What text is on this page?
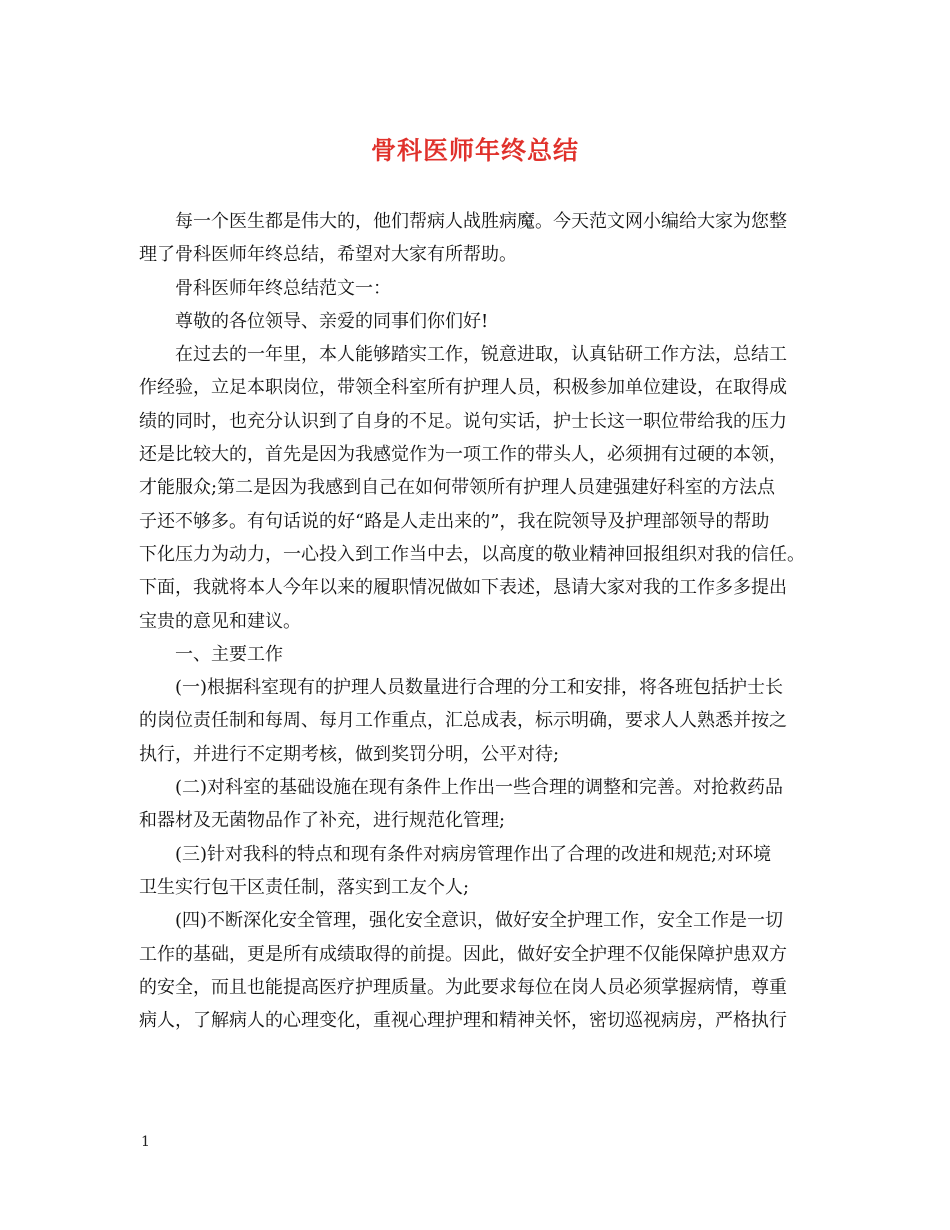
骨科医师年终总结
每一个医生都是伟大的，他们帮病人战胜病魔。今天范文网小编给大家为您整
理了骨科医师年终总结，希望对大家有所帮助。
骨科医师年终总结范文一：
尊敬的各位领导、亲爱的同事们你们好!
在过去的一年里，本人能够踏实工作，锐意进取，认真钻研工作方法，总结工
作经验，立足本职岗位，带领全科室所有护理人员，积极参加单位建设，在取得成
绩的同时，也充分认识到了自身的不足。说句实话，护士长这一职位带给我的压力
还是比较大的，首先是因为我感觉作为一项工作的带头人，必须拥有过硬的本领，
才能服众;第二是因为我感到自己在如何带领所有护理人员建强建好科室的方法点
子还不够多。有句话说的好“路是人走出来的”，我在院领导及护理部领导的帮助
下化压力为动力，一心投入到工作当中去，以高度的敬业精神回报组织对我的信任。
下面，我就将本人今年以来的履职情况做如下表述，恳请大家对我的工作多多提出
宝贵的意见和建议。
一、主要工作
(一)根据科室现有的护理人员数量进行合理的分工和安排，将各班包括护士长
的岗位责任制和每周、每月工作重点，汇总成表，标示明确，要求人人熟悉并按之
执行，并进行不定期考核，做到奖罚分明，公平对待;
(二)对科室的基础设施在现有条件上作出一些合理的调整和完善。对抢救药品
和器材及无菌物品作了补充，进行规范化管理;
(三)针对我科的特点和现有条件对病房管理作出了合理的改进和规范;对环境
卫生实行包干区责任制，落实到工友个人;
(四)不断深化安全管理，强化安全意识，做好安全护理工作，安全工作是一切
工作的基础，更是所有成绩取得的前提。因此，做好安全护理不仅能保障护患双方
的安全，而且也能提高医疗护理质量。为此要求每位在岗人员必须掌握病情，尊重
病人，了解病人的心理变化，重视心理护理和精神关怀，密切巡视病房，严格执行
1
